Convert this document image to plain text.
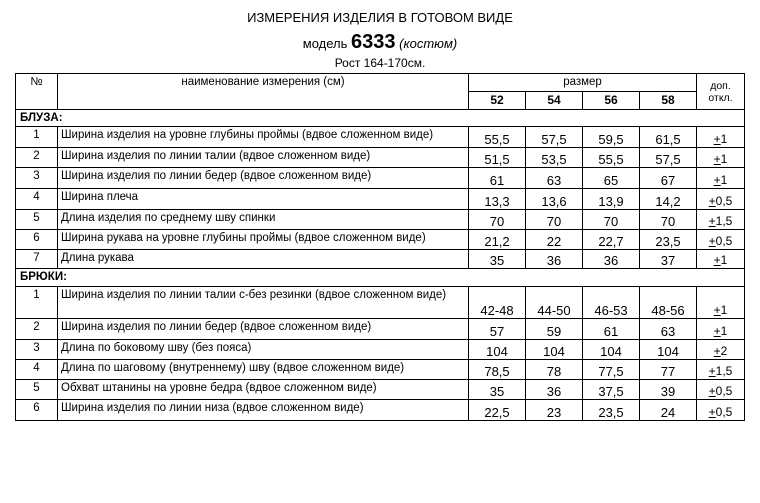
ИЗМЕРЕНИЯ ИЗДЕЛИЯ В ГОТОВОМ ВИДЕ
модель 6333 (костюм)
Рост 164-170см.
№	наименование измерения (см)	размер				доп.
откл.
		52	54	56	58	
БЛУЗА:						
1	Ширина изделия на уровне глубины проймы (вдвое сложенном виде)	55,5	57,5	59,5	61,5	+1
2	Ширина изделия по линии талии (вдвое сложенном виде)	51,5	53,5	55,5	57,5	+1
3	Ширина изделия по линии бедер (вдвое сложенном виде)	61	63	65	67	+1
4	Ширина плеча	13,3	13,6	13,9	14,2	+0,5
5	Длина изделия по среднему шву спинки	70	70	70	70	+1,5
6	Ширина рукава на уровне глубины проймы (вдвое сложенном виде)	21,2	22	22,7	23,5	+0,5
7	Длина рукава	35	36	36	37	+1
БРЮКИ:						
1	Ширина изделия по линии талии с-без резинки (вдвое сложенном виде)	42-48	44-50	46-53	48-56	+1
2	Ширина изделия по линии бедер (вдвое сложенном виде)	57	59	61	63	+1
3	Длина по боковому шву (без пояса)	104	104	104	104	+2
4	Длина по шаговому (внутреннему) шву (вдвое сложенном виде)	78,5	78	77,5	77	+1,5
5	Обхват штанины на уровне бедра (вдвое сложенном виде)	35	36	37,5	39	+0,5
6	Ширина изделия по линии низа (вдвое сложенном виде)	22,5	23	23,5	24	+0,5
